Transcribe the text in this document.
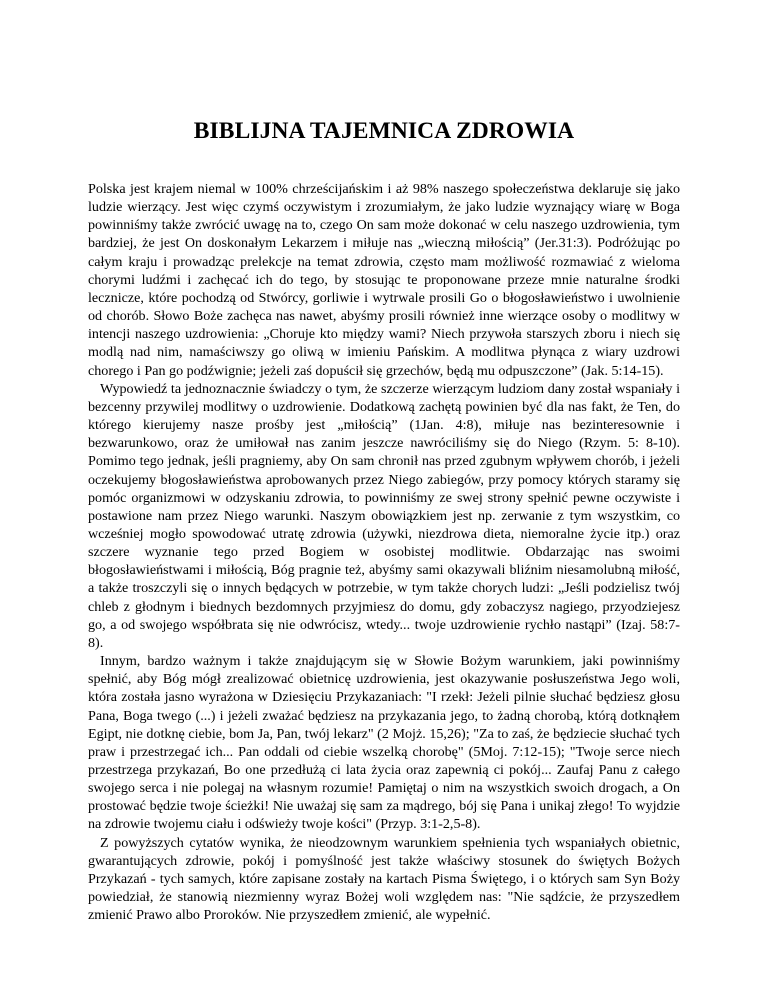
BIBLIJNA TAJEMNICA ZDROWIA

Polska jest krajem niemal w 100% chrześcijańskim i aż 98% naszego społeczeństwa deklaruje się jako ludzie wierzący. Jest więc czymś oczywistym i zrozumiałym, że jako ludzie wyznający wiarę w Boga powinniśmy także zwrócić uwagę na to, czego On sam może dokonać w celu naszego uzdrowienia, tym bardziej, że jest On doskonałym Lekarzem i miłuje nas „wieczną miłością” (Jer.31:3). Podróżując po całym kraju i prowadząc prelekcje na temat zdrowia, często mam możliwość rozmawiać z wieloma chorymi ludźmi i zachęcać ich do tego, by stosując te proponowane przeze mnie naturalne środki lecznicze, które pochodzą od Stwórcy, gorliwie i wytrwale prosili Go o błogosławieństwo i uwolnienie od chorób. Słowo Boże zachęca nas nawet, abyśmy prosili również inne wierzące osoby o modlitwy w intencji naszego uzdrowienia: „Choruje kto między wami? Niech przywoła starszych zboru i niech się modlą nad nim, namaściwszy go oliwą w imieniu Pańskim. A modlitwa płynąca z wiary uzdrowi chorego i Pan go podźwignie; jeżeli zaś dopuścił się grzechów, będą mu odpuszczone” (Jak. 5:14-15).

Wypowiedź ta jednoznacznie świadczy o tym, że szczerze wierzącym ludziom dany został wspaniały i bezcenny przywilej modlitwy o uzdrowienie. Dodatkową zachętą powinien być dla nas fakt, że Ten, do którego kierujemy nasze prośby jest „miłością” (1Jan. 4:8), miłuje nas bezinteresownie i bezwarunkowo, oraz że umiłował nas zanim jeszcze nawróciliśmy się do Niego (Rzym. 5: 8-10). Pomimo tego jednak, jeśli pragniemy, aby On sam chronił nas przed zgubnym wpływem chorób, i jeżeli oczekujemy błogosławieństwa aprobowanych przez Niego zabiegów, przy pomocy których staramy się pomóc organizmowi w odzyskaniu zdrowia, to powinniśmy ze swej strony spełnić pewne oczywiste i postawione nam przez Niego warunki. Naszym obowiązkiem jest np. zerwanie z tym wszystkim, co wcześniej mogło spowodować utratę zdrowia (używki, niezdrowa dieta, niemoralne życie itp.) oraz szczere wyznanie tego przed Bogiem w osobistej modlitwie. Obdarzając nas swoimi błogosławieństwami i miłością, Bóg pragnie też, abyśmy sami okazywali bliźnim niesamolubną miłość, a także troszczyli się o innych będących w potrzebie, w tym także chorych ludzi: „Jeśli podzielisz twój chleb z głodnym i biednych bezdomnych przyjmiesz do domu, gdy zobaczysz nagiego, przyodziejesz go, a od swojego współbrata się nie odwrócisz, wtedy... twoje uzdrowienie rychło nastąpi” (Izaj. 58:7-8).

Innym, bardzo ważnym i także znajdującym się w Słowie Bożym warunkiem, jaki powinniśmy spełnić, aby Bóg mógł zrealizować obietnicę uzdrowienia, jest okazywanie posłuszeństwa Jego woli, która została jasno wyrażona w Dziesięciu Przykazaniach: "I rzekł: Jeżeli pilnie słuchać będziesz głosu Pana, Boga twego (...) i jeżeli zważać będziesz na przykazania jego, to żadną chorobą, którą dotknąłem Egipt, nie dotknę ciebie, bom Ja, Pan, twój lekarz" (2 Mojż. 15,26); "Za to zaś, że będziecie słuchać tych praw i przestrzegać ich... Pan oddali od ciebie wszelką chorobę" (5Moj. 7:12-15); "Twoje serce niech przestrzega przykazań, Bo one przedłużą ci lata życia oraz zapewnią ci pokój... Zaufaj Panu z całego swojego serca i nie polegaj na własnym rozumie! Pamiętaj o nim na wszystkich swoich drogach, a On prostować będzie twoje ścieżki! Nie uważaj się sam za mądrego, bój się Pana i unikaj złego! To wyjdzie na zdrowie twojemu ciału i odświeży twoje kości" (Przyp. 3:1-2,5-8).

Z powyższych cytatów wynika, że nieodzownym warunkiem spełnienia tych wspaniałych obietnic, gwarantujących zdrowie, pokój i pomyślność jest także właściwy stosunek do świętych Bożych Przykazań - tych samych, które zapisane zostały na kartach Pisma Świętego, i o których sam Syn Boży powiedział, że stanowią niezmienny wyraz Bożej woli względem nas: "Nie sądźcie, że przyszedłem zmienić Prawo albo Proroków. Nie przyszedłem zmienić, ale wypełnić.
